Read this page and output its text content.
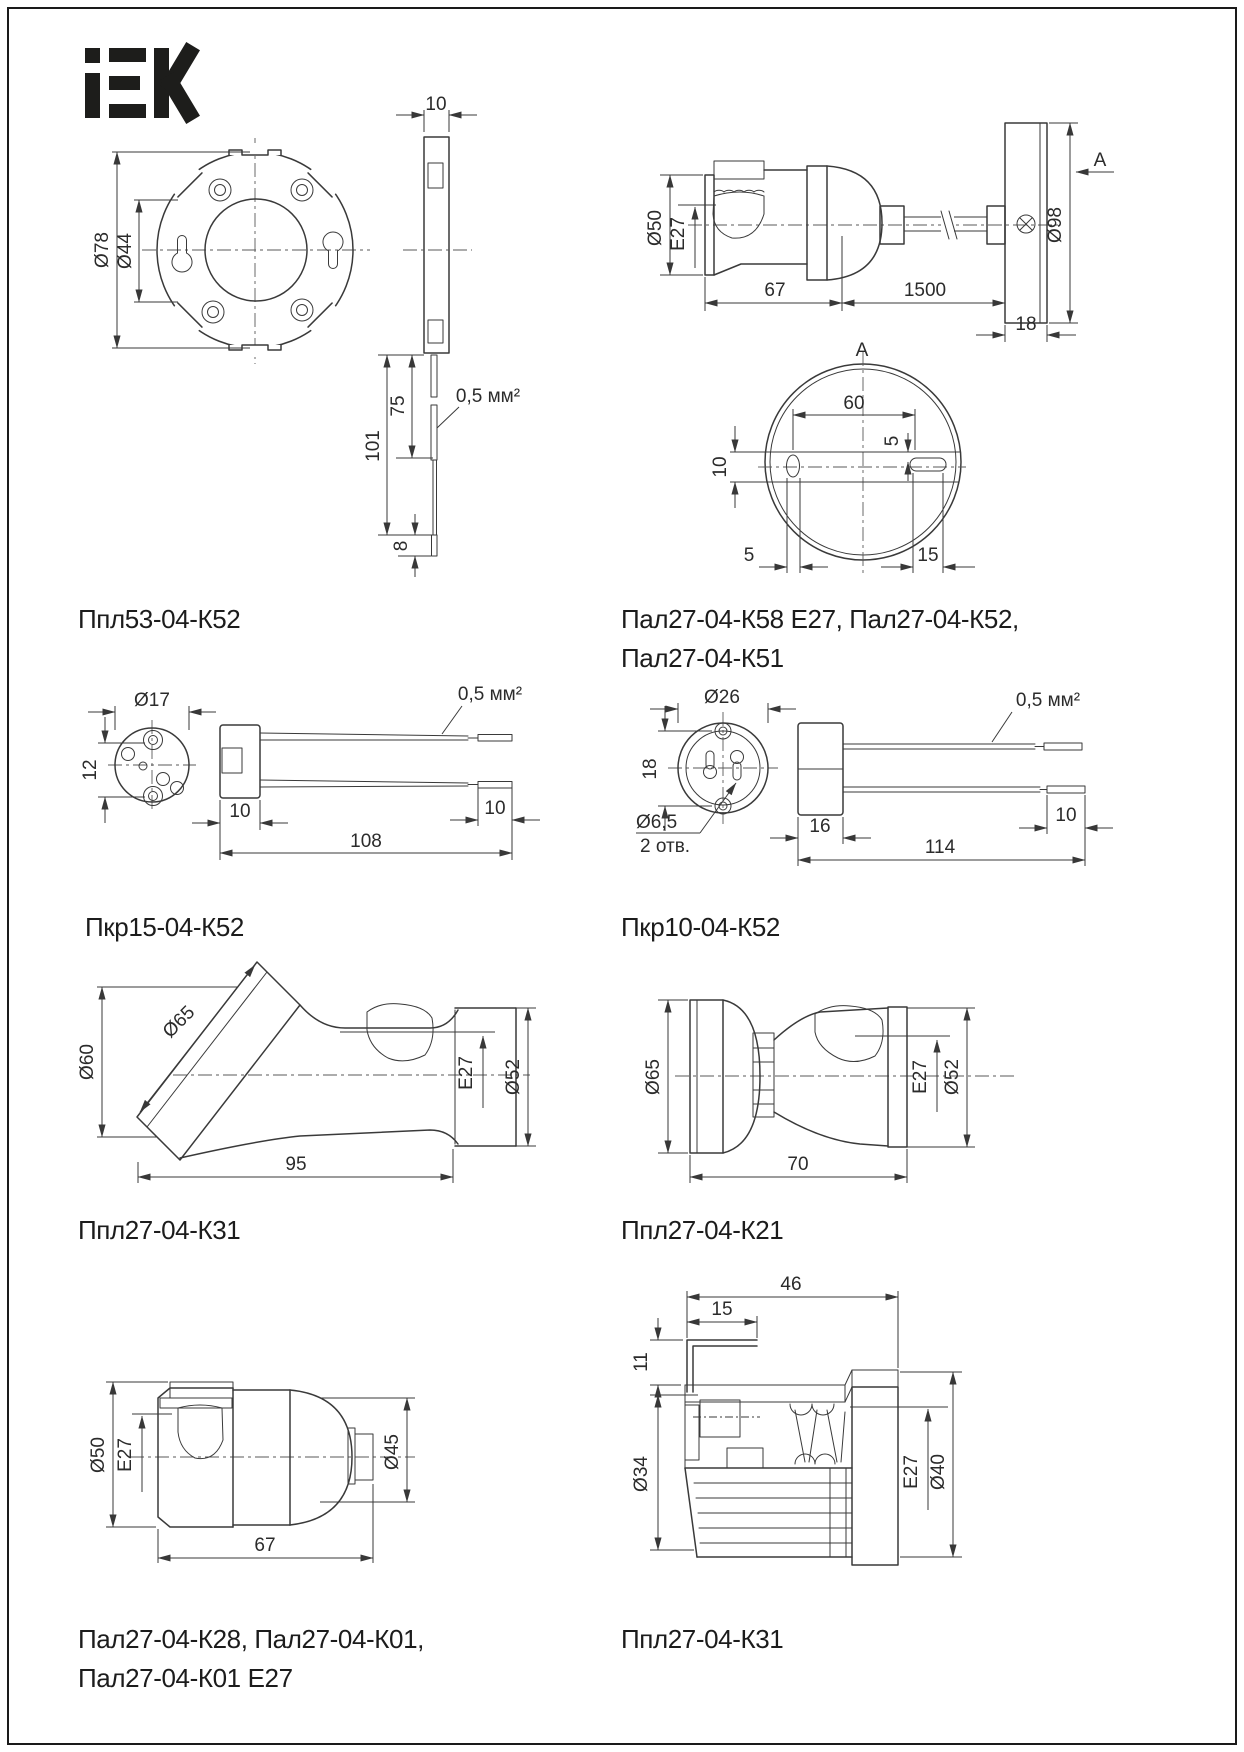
Ø78 Ø44
10
75
101
8
0,5 мм²
Ппл53-04-К52
Ø50 E27
67	1500
Ø98
18
A
A
60
5
10
5	15
Пал27-04-К58 Е27, Пал27-04-К52,
Пал27-04-К51
Ø17
12
0,5 мм²
10
108
10
Пкр15-04-К52
Ø26
18
Ø6,5
2 отв.
0,5 мм²
16
114
10
Пкр10-04-К52
Ø60
Ø65
E27 Ø52
95
Ппл27-04-К31
Ø65	E27 Ø52
70
Ппл27-04-К21
Ø50 E27	Ø45
67
Пал27-04-К28, Пал27-04-К01,
Пал27-04-К01 Е27
46
15
11
Ø34	E27 Ø40
Ппл27-04-К31
